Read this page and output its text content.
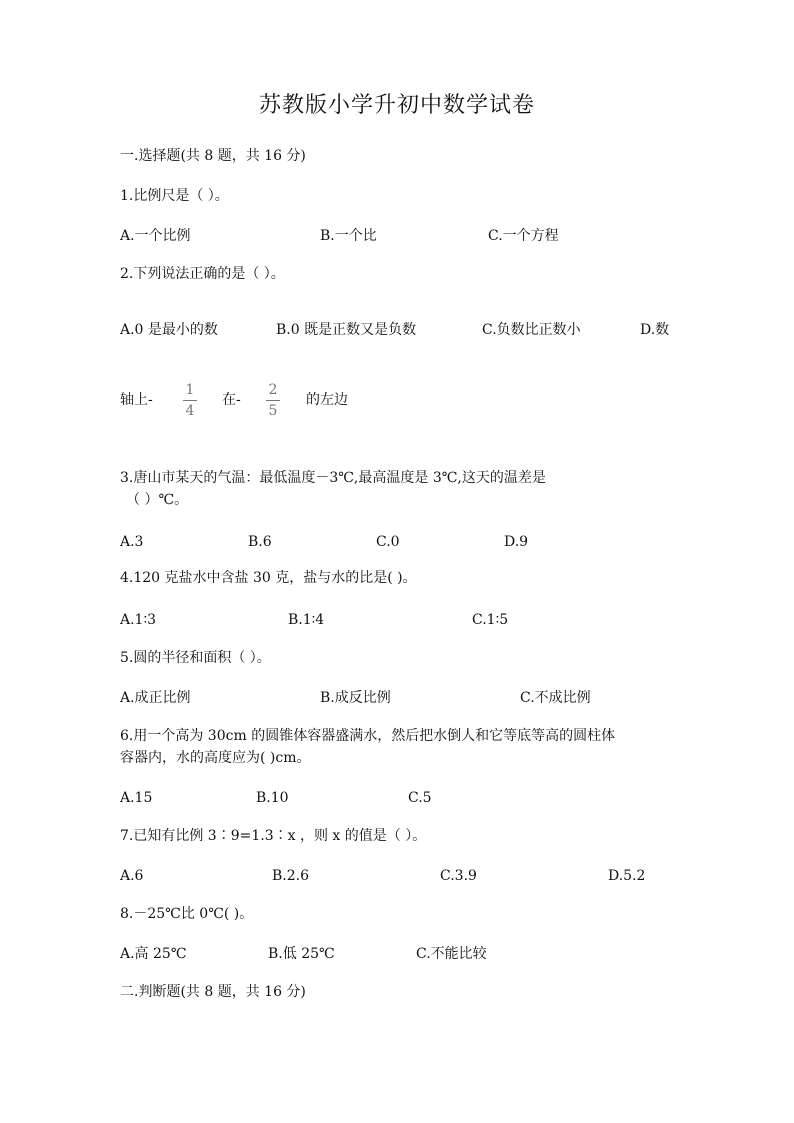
苏教版小学升初中数学试卷
一.选择题(共 8 题，共 16 分)
1.比例尺是（ ）。
A.一个比例	B.一个比	C.一个方程
2.下列说法正确的是（ ）。
A.0 是最小的数	B.0 既是正数又是负数	C.负数比正数小	D.数
轴上-
1
4
在-
2
5
的左边
3.唐山市某天的气温：最低温度－3℃,最高温度是 3℃,这天的温差是
（ ）℃。
A.3	B.6	C.0	D.9
4.120 克盐水中含盐 30 克，盐与水的比是( )。
A.1∶3	B.1∶4	C.1∶5
5.圆的半径和面积（ ）。
A.成正比例	B.成反比例	C.不成比例
6.用一个高为 30cm 的圆锥体容器盛满水，然后把水倒人和它等底等高的圆柱体
容器内，水的高度应为( )cm。
A.15	B.10	C.5
7.已知有比例 3∶9=1.3∶x ，则 x 的值是（ ）。
A.6	B.2.6	C.3.9	D.5.2
8.－25℃比 0℃( )。
A.高 25℃	B.低 25℃	C.不能比较
二.判断题(共 8 题，共 16 分)
